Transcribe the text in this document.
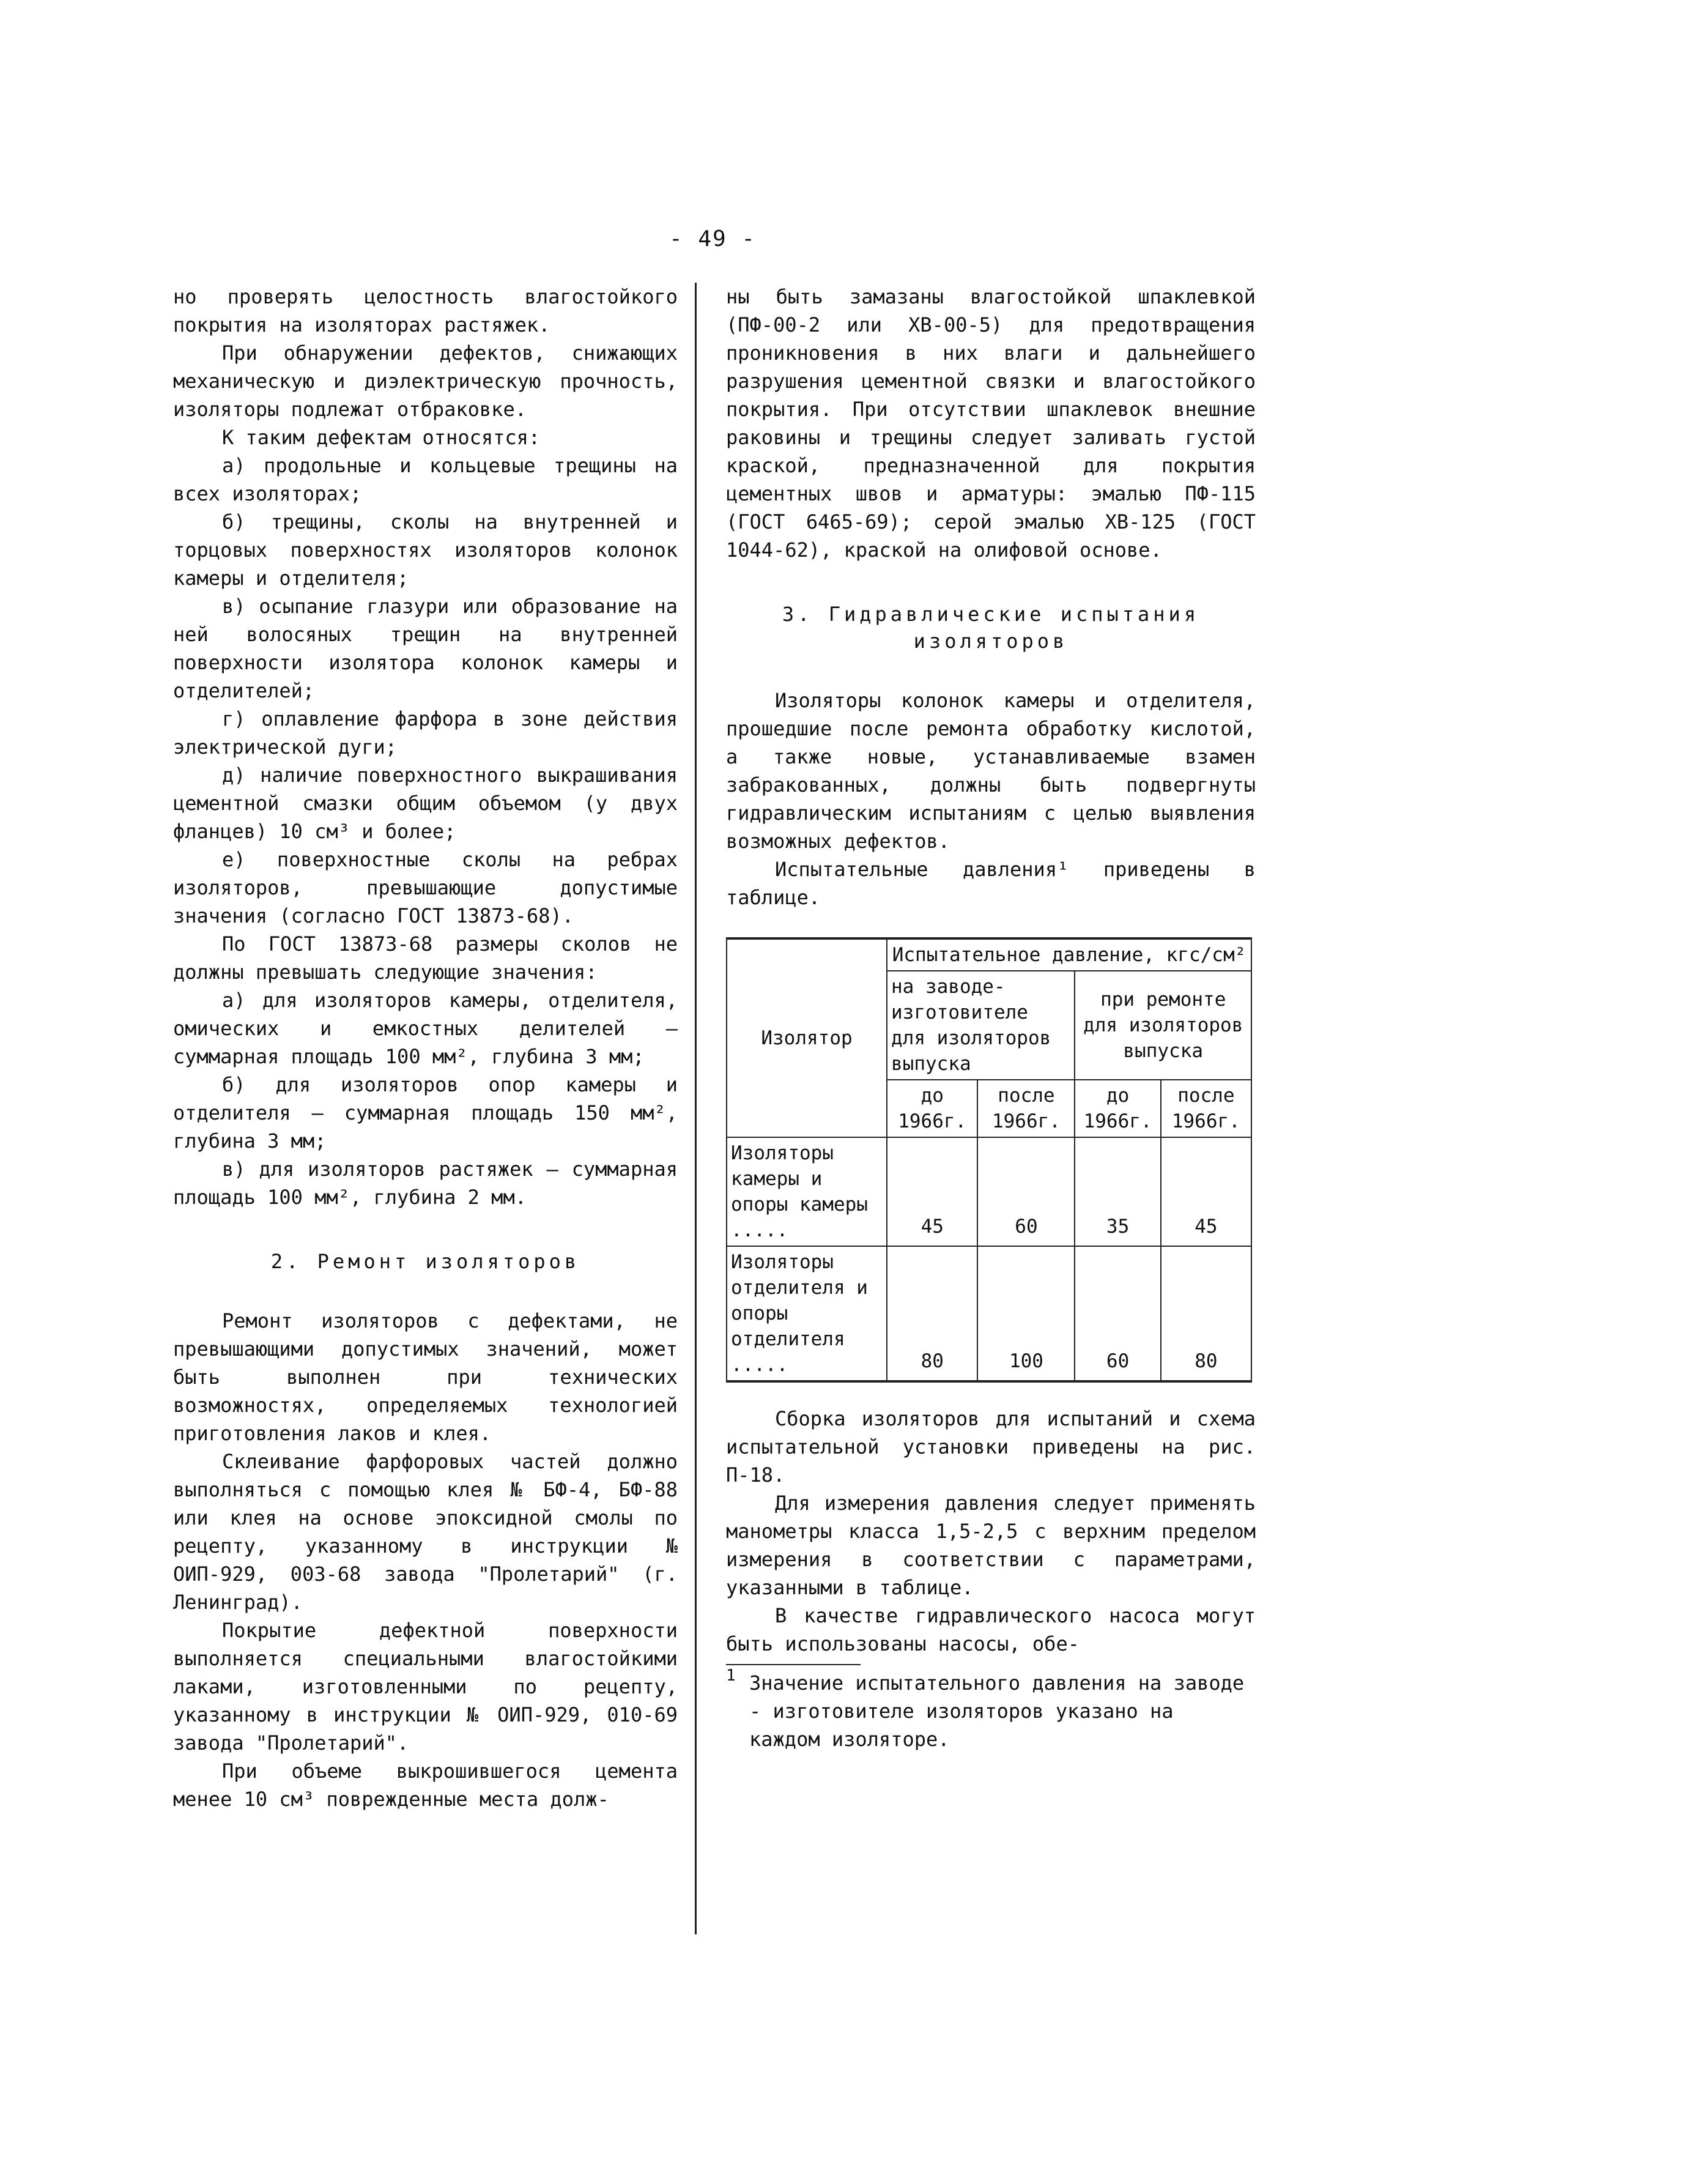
- 49 -

но проверять целостность влагостойкого покрытия на изоляторах растяжек.

При обнаружении дефектов, снижающих механическую и диэлектрическую прочность, изоляторы подлежат отбраковке.

К таким дефектам относятся:

а) продольные и кольцевые трещины на всех изоляторах;

б) трещины, сколы на внутренней и торцовых поверхностях изоляторов колонок камеры и отделителя;

в) осыпание глазури или образование на ней волосяных трещин на внутренней поверхности изолятора колонок камеры и отделителей;

г) оплавление фарфора в зоне действия электрической дуги;

д) наличие поверхностного выкрашивания цементной смазки общим объемом (у двух фланцев) 10 см³ и более;

е) поверхностные сколы на ребрах изоляторов, превышающие допустимые значения (согласно ГОСТ 13873-68).

По ГОСТ 13873-68 размеры сколов не должны превышать следующие значения:

а) для изоляторов камеры, отделителя, омических и емкостных делителей — суммарная площадь 100 мм², глубина 3 мм;

б) для изоляторов опор камеры и отделителя — суммарная площадь 150 мм², глубина 3 мм;

в) для изоляторов растяжек — суммарная площадь 100 мм², глубина 2 мм.

2. Ремонт изоляторов

Ремонт изоляторов с дефектами, не превышающими допустимых значений, может быть выполнен при технических возможностях, определяемых технологией приготовления лаков и клея.

Склеивание фарфоровых частей должно выполняться с помощью клея № БФ-4, БФ-88 или клея на основе эпоксидной смолы по рецепту, указанному в инструкции № ОИП-929, 003-68 завода "Пролетарий" (г. Ленинград).

Покрытие дефектной поверхности выполняется специальными влагостойкими лаками, изготовленными по рецепту, указанному в инструкции № ОИП-929, 010-69 завода "Пролетарий".

При объеме выкрошившегося цемента менее 10 см³ поврежденные места долж-

ны быть замазаны влагостойкой шпаклевкой (ПФ-00-2 или ХВ-00-5) для предотвращения проникновения в них влаги и дальнейшего разрушения цементной связки и влагостойкого покрытия. При отсутствии шпаклевок внешние раковины и трещины следует заливать густой краской, предназначенной для покрытия цементных швов и арматуры: эмалью ПФ-115 (ГОСТ 6465-69); серой эмалью ХВ-125 (ГОСТ 1044-62), краской на олифовой основе.

3. Гидравлические испытания
изоляторов

Изоляторы колонок камеры и отделителя, прошедшие после ремонта обработку кислотой, а также новые, устанавливаемые взамен забракованных, должны быть подвергнуты гидравлическим испытаниям с целью выявления возможных дефектов.

Испытательные давления¹ приведены в таблице.

Изолятор	Испытательное давление, кгс/см²			
	на заводе-изготовителе для изоляторов выпуска		при ремонте для изоляторов выпуска	
	до 1966г.	после 1966г.	до 1966г.	после 1966г.
Изоляторы камеры и опоры камеры .....	45	60	35	45
Изоляторы отделителя и опоры отделителя .....	80	100	60	80

Сборка изоляторов для испытаний и схема испытательной установки приведены на рис. П-18.

Для измерения давления следует применять манометры класса 1,5-2,5 с верхним пределом измерения в соответствии с параметрами, указанными в таблице.

В качестве гидравлического насоса могут быть использованы насосы, обе-

1 Значение испытательного давления на заводе - изготовителе изоляторов указано на каждом изоляторе.
